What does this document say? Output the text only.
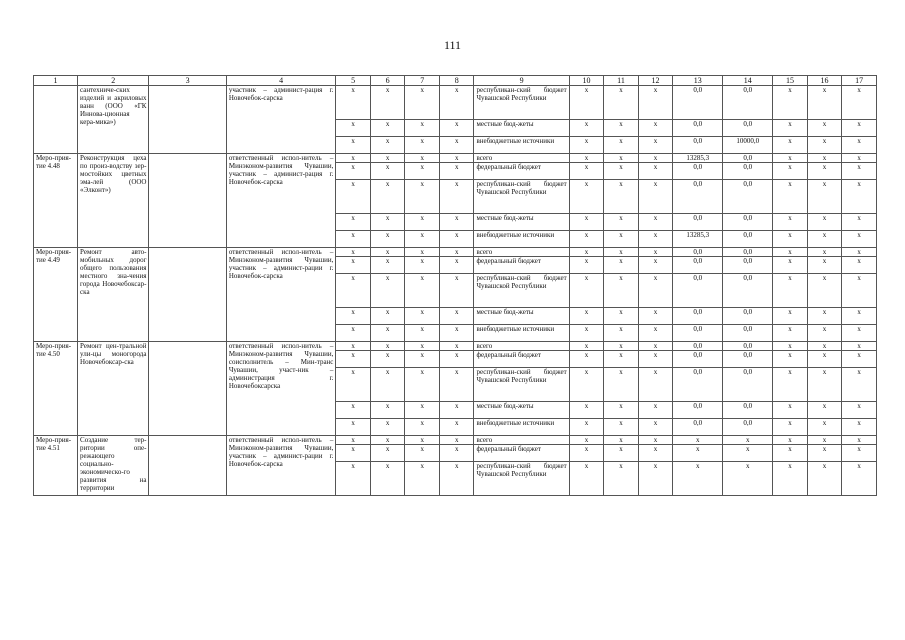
111
1	2	3	4	5	6	7	8	9	10	11	12	13	14	15	16	17
	сантехниче-ских изделий и акриловых ванн (ООО «ГК Иннова-ционная кера-мика»)		участник – админист-рация г. Новочебок-сарска	x	x	x	x	республикан-ский бюджет Чувашской Республики	x	x	x	0,0	0,0	x	x	x
				x	x	x	x	местные бюд-жеты	x	x	x	0,0	0,0	x	x	x
				x	x	x	x	внебюджетные источники	x	x	x	0,0	10000,0	x	x	x
Меро-прия-тие 4.48	Реконструкция цеха по произ-водству зер-мостойких цветных эма-лей (ООО «Элконт»)		ответственный испол-нитель – Минэконом-развития Чувашии, участник – админист-рация г. Новочебок-сарска	x	x	x	x	всего	x	x	x	13285,3	0,0	x	x	x
				x	x	x	x	федеральный бюджет	x	x	x	0,0	0,0	x	x	x
				x	x	x	x	республикан-ский бюджет Чувашской Республики	x	x	x	0,0	0,0	x	x	x
				x	x	x	x	местные бюд-жеты	x	x	x	0,0	0,0	x	x	x
				x	x	x	x	внебюджетные источники	x	x	x	13285,3	0,0	x	x	x
Меро-прия-тие 4.49	Ремонт авто-мобильных дорог общего пользования местного зна-чения города Новочебоксар-ска		ответственный испол-нитель – Минэконом-развития Чувашии, участник – админист-рации г. Новочебок-сарска	x	x	x	x	всего	x	x	x	0,0	0,0	x	x	x
				x	x	x	x	федеральный бюджет	x	x	x	0,0	0,0	x	x	x
				x	x	x	x	республикан-ский бюджет Чувашской Республики	x	x	x	0,0	0,0	x	x	x
				x	x	x	x	местные бюд-жеты	x	x	x	0,0	0,0	x	x	x
				x	x	x	x	внебюджетные источники	x	x	x	0,0	0,0	x	x	x
Меро-прия-тие 4.50	Ремонт цен-тральной ули-цы моногорода Новочебоксар-ска		ответственный испол-нитель – Минэконом-развития Чувашии, соисполнитель – Мин-транс Чувашии, участ-ник – администрация г. Новочебоксарска	x	x	x	x	всего	x	x	x	0,0	0,0	x	x	x
				x	x	x	x	федеральный бюджет	x	x	x	0,0	0,0	x	x	x
				x	x	x	x	республикан-ский бюджет Чувашской Республики	x	x	x	0,0	0,0	x	x	x
				x	x	x	x	местные бюд-жеты	x	x	x	0,0	0,0	x	x	x
				x	x	x	x	внебюджетные источники	x	x	x	0,0	0,0	x	x	x
Меро-прия-тие 4.51	Создание тер-ритории опе-режающего социально-экономическо-го развития на территории		ответственный испол-нитель – Минэконом-развития Чувашии, участник – админист-рации г. Новочебок-сарска	x	x	x	x	всего	x	x	x	x	x	x	x	x
				x	x	x	x	федеральный бюджет	x	x	x	x	x	x	x	x
				x	x	x	x	республикан-ский бюджет Чувашской Республики	x	x	x	x	x	x	x	x
